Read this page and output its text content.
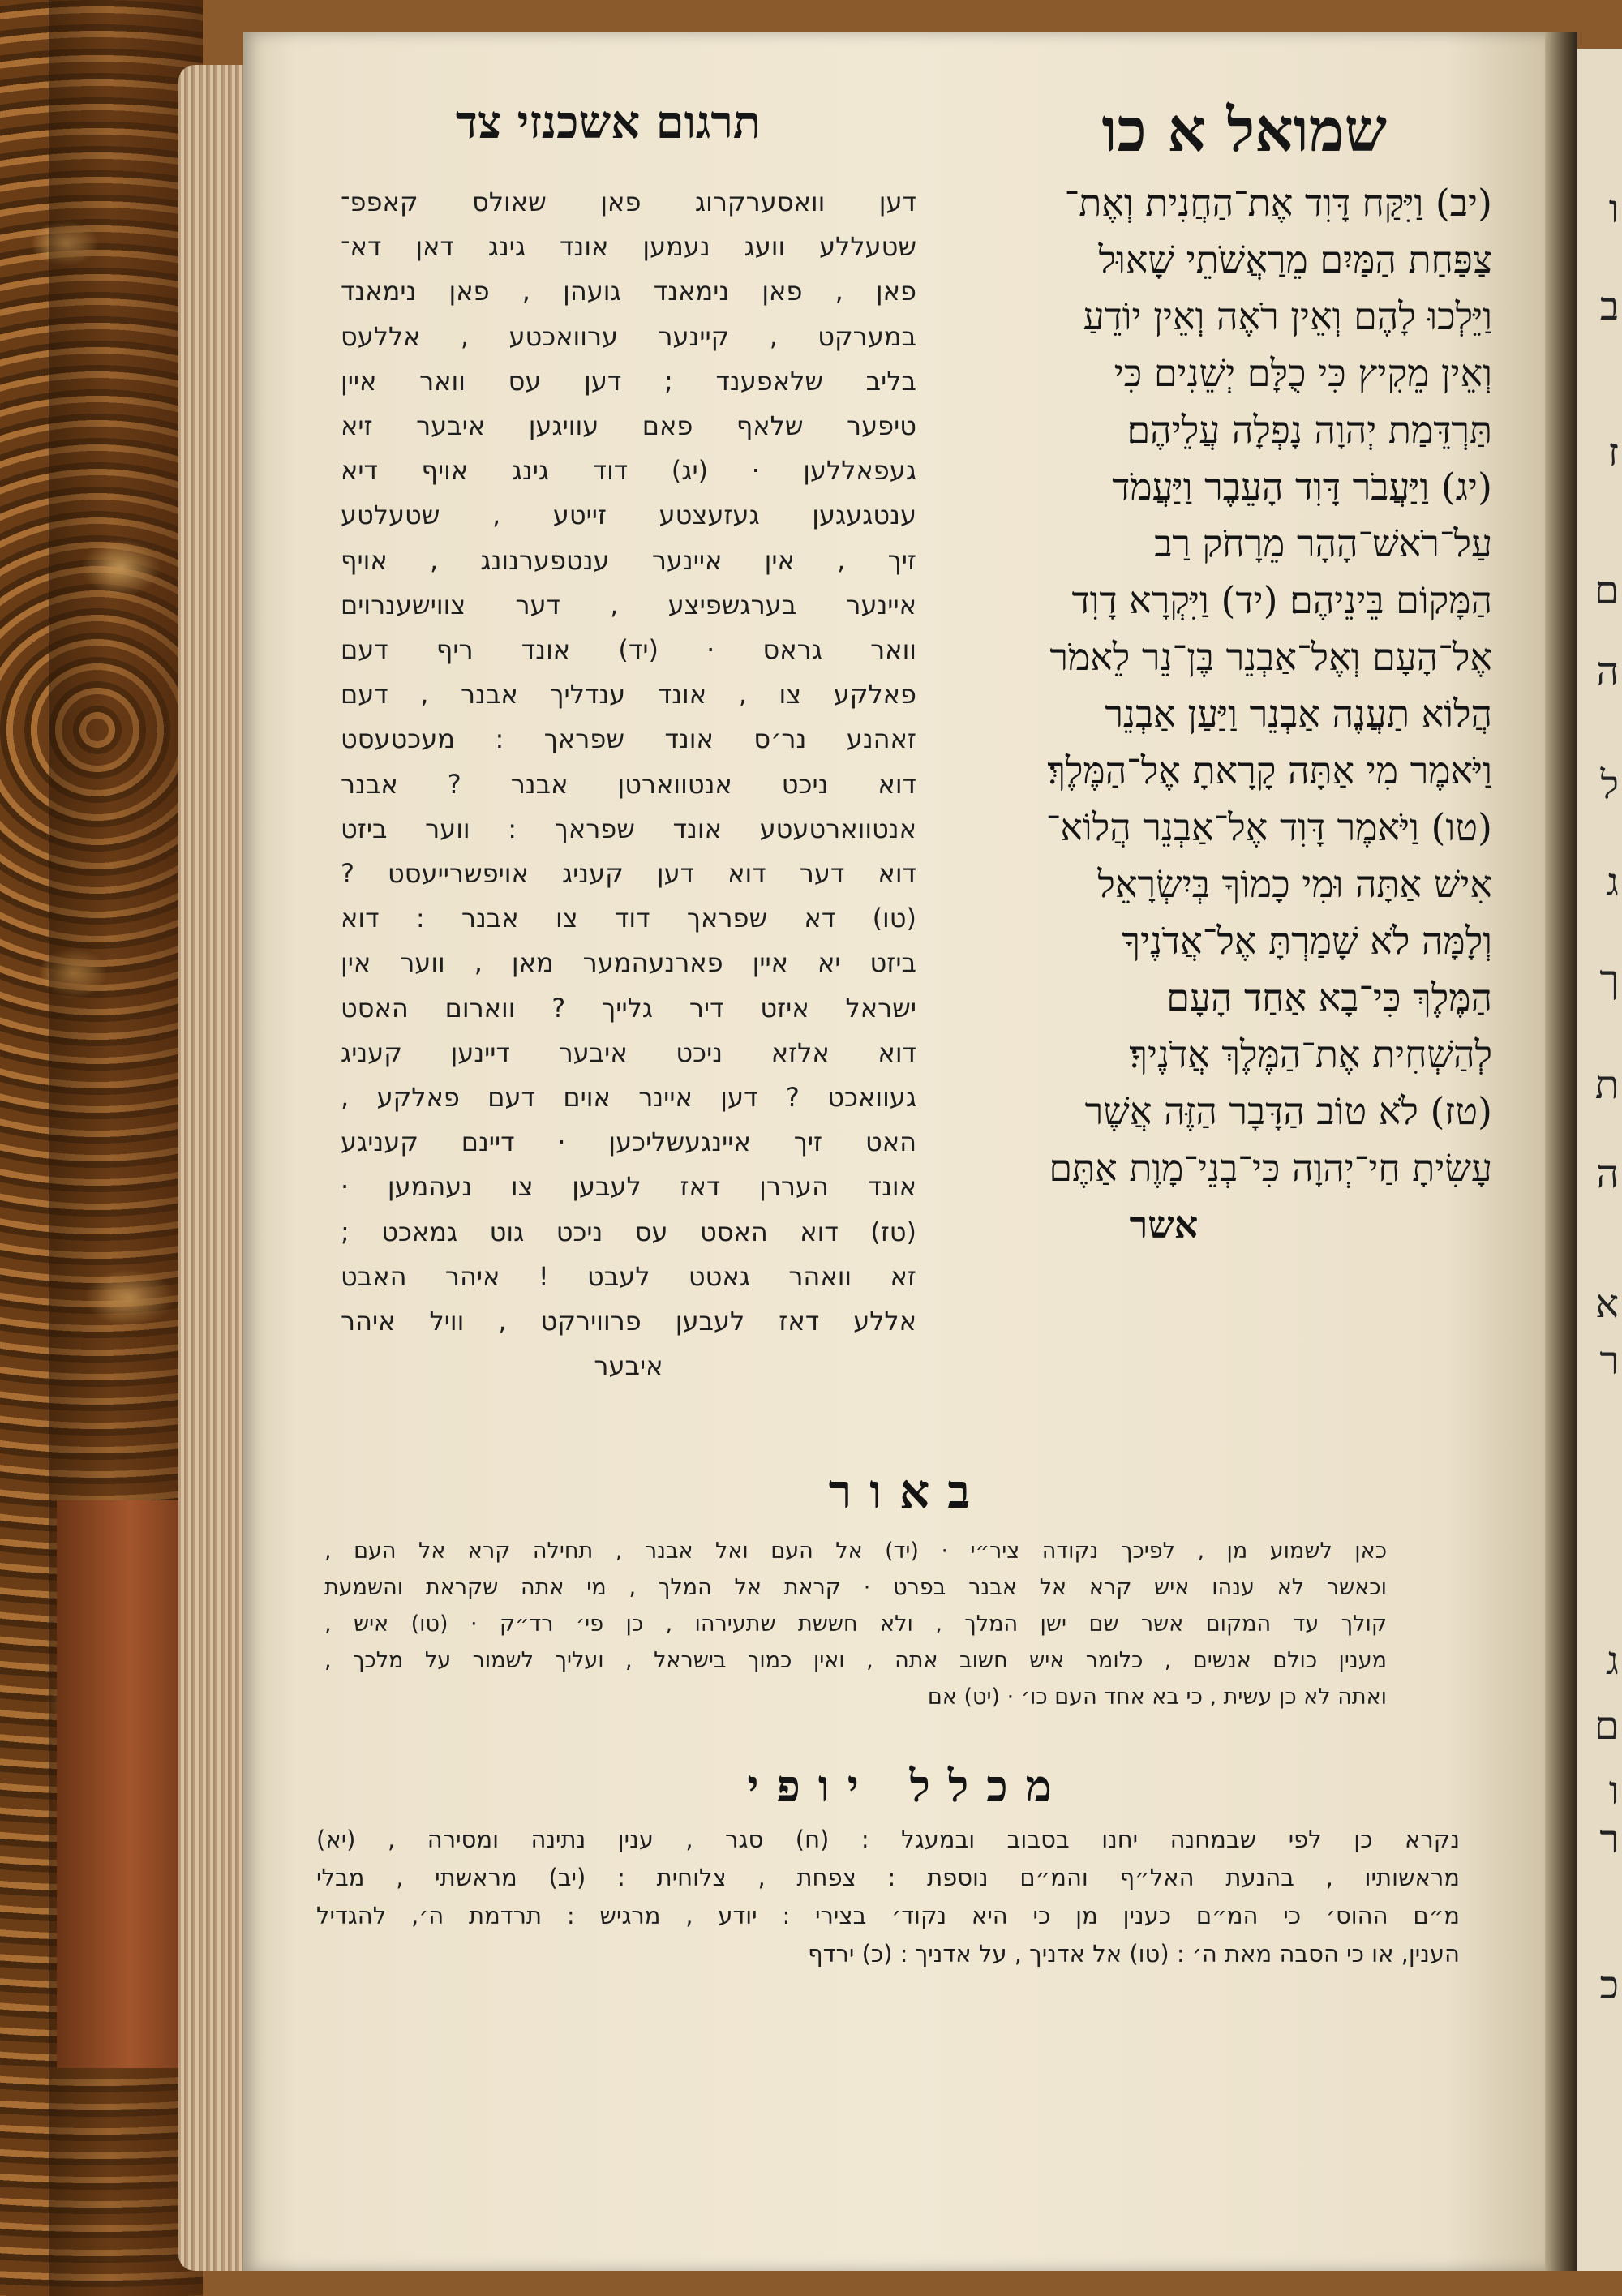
ו
ב
ז
ם
ה
ל
ג
ך
ת
ה
א
ר
ג
ם
ו
ר
כ
שמואל א כו
תרגום אשכנזי צד

(יב) וַיִּקַּח דָּוִד אֶת־הַחֲנִית וְאֶת־

צַפַּחַת הַמַּיִם מֵרַאֲשֹׁתֵי שָׁאוּל

וַיֵּלְכוּ לָהֶם וְאֵין רֹאֶה וְאֵין יוֹדֵעַ

וְאֵין מֵקִיץ כִּי כֻלָּם יְשֵׁנִים כִּי

תַּרְדֵּמַת יְהוָה נָפְלָה עֲלֵיהֶם׃

(יג) וַיַּעֲבֹר דָּוִד הָעֵבֶר וַיַּעֲמֹד

עַל־רֹאשׁ־הָהָר מֵרָחֹק רַב

הַמָּקוֹם בֵּינֵיהֶם׃ (יד) וַיִּקְרָא דָוִד

אֶל־הָעָם וְאֶל־אַבְנֵר בֶּן־נֵר לֵאמֹר

הֲלוֹא תַעֲנֶה אַבְנֵר וַיַּעַן אַבְנֵר

וַיֹּאמֶר מִי אַתָּה קָרָאתָ אֶל־הַמֶּלֶךְ׃

(טו) וַיֹּאמֶר דָּוִד אֶל־אַבְנֵר הֲלוֹא־

אִישׁ אַתָּה וּמִי כָמוֹךָ בְּיִשְׂרָאֵל

וְלָמָּה לֹא שָׁמַרְתָּ אֶל־אֲדֹנֶיךָ

הַמֶּלֶךְ כִּי־בָא אַחַד הָעָם

לְהַשְׁחִית אֶת־הַמֶּלֶךְ אֲדֹנֶיךָ׃

(טז) לֹא טוֹב הַדָּבָר הַזֶּה אֲשֶׁר

עָשִׂיתָ חַי־יְהוָה כִּי־בְנֵי־מָוֶת אַתֶּם

אשר

דען וואסערקרוג פאן שאולס קאפפ־

שטעללע וועג נעמען אונד גינג דאן דא־

פאן , פאן נימאנד גועהן , פאן נימאנד

במערקט , קיינער ערוואכטע , אללעס

בליב שלאפענד ; דען עס וואר איין

טיפער שלאף פאם עוויגען איבער זיא

געפאללען · (יג) דוד גינג אויף דיא

ענטגעגען געזעצטע זייטע , שטעלטע

זיך , אין איינער ענטפערנונג , אויף

איינער בערגשפיצע , דער צווישענרוים

וואר גראס · (יד) אונד ריף דעם

פאלקע צו , אונד ענדליך אבנר , דעם

זאהנע נר׳ס אונד שפראך : מעכטעסט

דוא ניכט אנטווארטן אבנר ? אבנר

אנטווארטעטע אונד שפראך : ווער ביזט

דוא דער דוא דען קעניג אויפשרייעסט ?

(טו) דא שפראך דוד צו אבנר : דוא

ביזט יא איין פארנעהמער מאן , ווער אין

ישראל איזט דיר גלייך ? ווארום האסט

דוא אלזא ניכט איבער דיינען קעניג

געוואכט ? דען איינר אוים דעם פאלקע ,

האט זיך איינגעשליכען · דיינם קעניגע

אונד העררן דאז לעבען צו נעהמען ·

(טז) דוא האסט עס ניכט גוט גמאכט ;

זא וואהר גאטט לעבט ! איהר האבט

אללע דאז לעבען פרווירקט , וויל איהר

איבער

באור

כאן לשמוע מן , לפיכך נקודה ציר״י · (יד) אל העם ואל אבנר , תחילה קרא אל העם ,

וכאשר לא ענהו איש קרא אל אבנר בפרט · קראת אל המלך , מי אתה שקראת והשמעת

קולך עד המקום אשר שם ישן המלך , ולא חששת שתעירהו , כן פי׳ רד״ק · (טו) איש ,

מענין כולם אנשים , כלומר איש חשוב אתה , ואין כמוך בישראל , ועליך לשמור על מלכך ,

ואתה לא כן עשית , כי בא אחד העם כו׳ · (יט) אם

מכלל יופי

נקרא כן לפי שבמחנה יחנו בסבוב ובמעגל : (ח) סגר , ענין נתינה ומסירה , (יא)

מראשותיו , בהנעת האל״ף והמ״ם נוספת : צפחת , צלוחית : (יב) מראשתי , מבלי

מ״ם ההוס׳ כי המ״ם כענין מן כי היא נקוד׳ בצירי : יודע , מרגיש : תרדמת ה׳, להגדיל

הענין, או כי הסבה מאת ה׳ : (טו) אל אדניך , על אדניך : (כ) ירדף
